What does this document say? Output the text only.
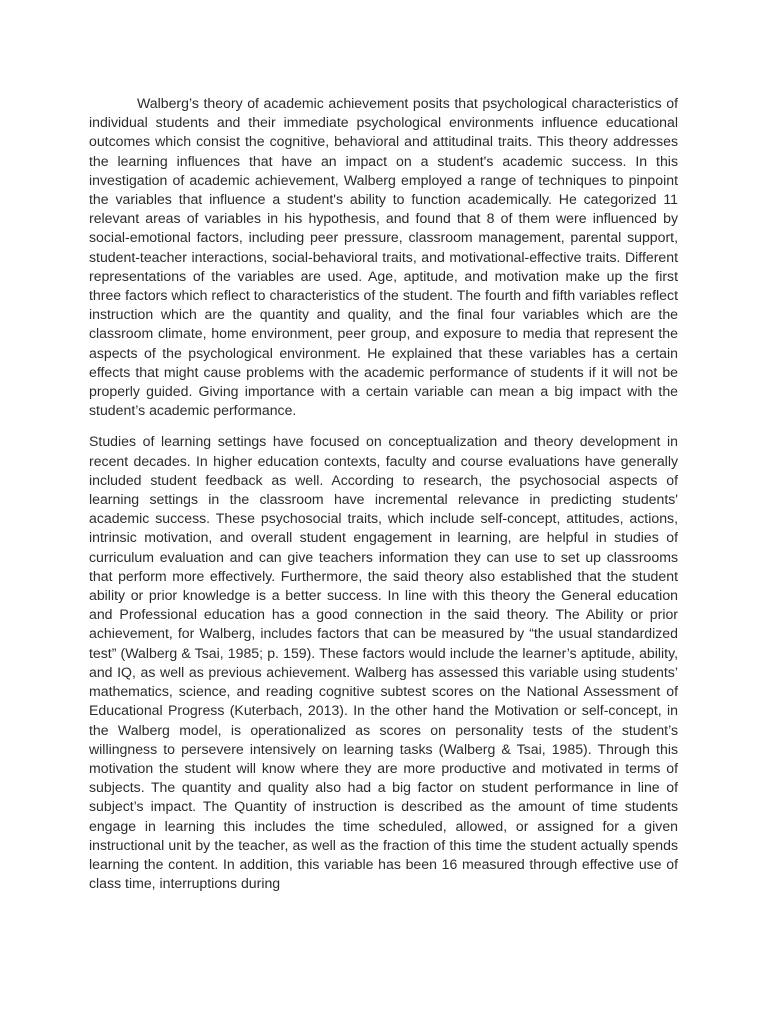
Walberg’s theory of academic achievement posits that psychological characteristics of individual students and their immediate psychological environments influence educational outcomes which consist the cognitive, behavioral and attitudinal traits. This theory addresses the learning influences that have an impact on a student's academic success. In this investigation of academic achievement, Walberg employed a range of techniques to pinpoint the variables that influence a student's ability to function academically. He categorized 11 relevant areas of variables in his hypothesis, and found that 8 of them were influenced by social-emotional factors, including peer pressure, classroom management, parental support, student-teacher interactions, social-behavioral traits, and motivational-effective traits. Different representations of the variables are used. Age, aptitude, and motivation make up the first three factors which reflect to characteristics of the student. The fourth and fifth variables reflect instruction which are the quantity and quality, and the final four variables which are the classroom climate, home environment, peer group, and exposure to media that represent the aspects of the psychological environment. He explained that these variables has a certain effects that might cause problems with the academic performance of students if it will not be properly guided. Giving importance with a certain variable can mean a big impact with the student’s academic performance.

Studies of learning settings have focused on conceptualization and theory development in recent decades. In higher education contexts, faculty and course evaluations have generally included student feedback as well. According to research, the psychosocial aspects of learning settings in the classroom have incremental relevance in predicting students' academic success. These psychosocial traits, which include self-concept, attitudes, actions, intrinsic motivation, and overall student engagement in learning, are helpful in studies of curriculum evaluation and can give teachers information they can use to set up classrooms that perform more effectively. Furthermore, the said theory also established that the student ability or prior knowledge is a better success. In line with this theory the General education and Professional education has a good connection in the said theory. The Ability or prior achievement, for Walberg, includes factors that can be measured by “the usual standardized test” (Walberg & Tsai, 1985; p. 159). These factors would include the learner’s aptitude, ability, and IQ, as well as previous achievement. Walberg has assessed this variable using students’ mathematics, science, and reading cognitive subtest scores on the National Assessment of Educational Progress (Kuterbach, 2013). In the other hand the Motivation or self-concept, in the Walberg model, is operationalized as scores on personality tests of the student’s willingness to persevere intensively on learning tasks (Walberg & Tsai, 1985). Through this motivation the student will know where they are more productive and motivated in terms of subjects. The quantity and quality also had a big factor on student performance in line of subject’s impact. The Quantity of instruction is described as the amount of time students engage in learning this includes the time scheduled, allowed, or assigned for a given instructional unit by the teacher, as well as the fraction of this time the student actually spends learning the content. In addition, this variable has been 16 measured through effective use of class time, interruptions during
